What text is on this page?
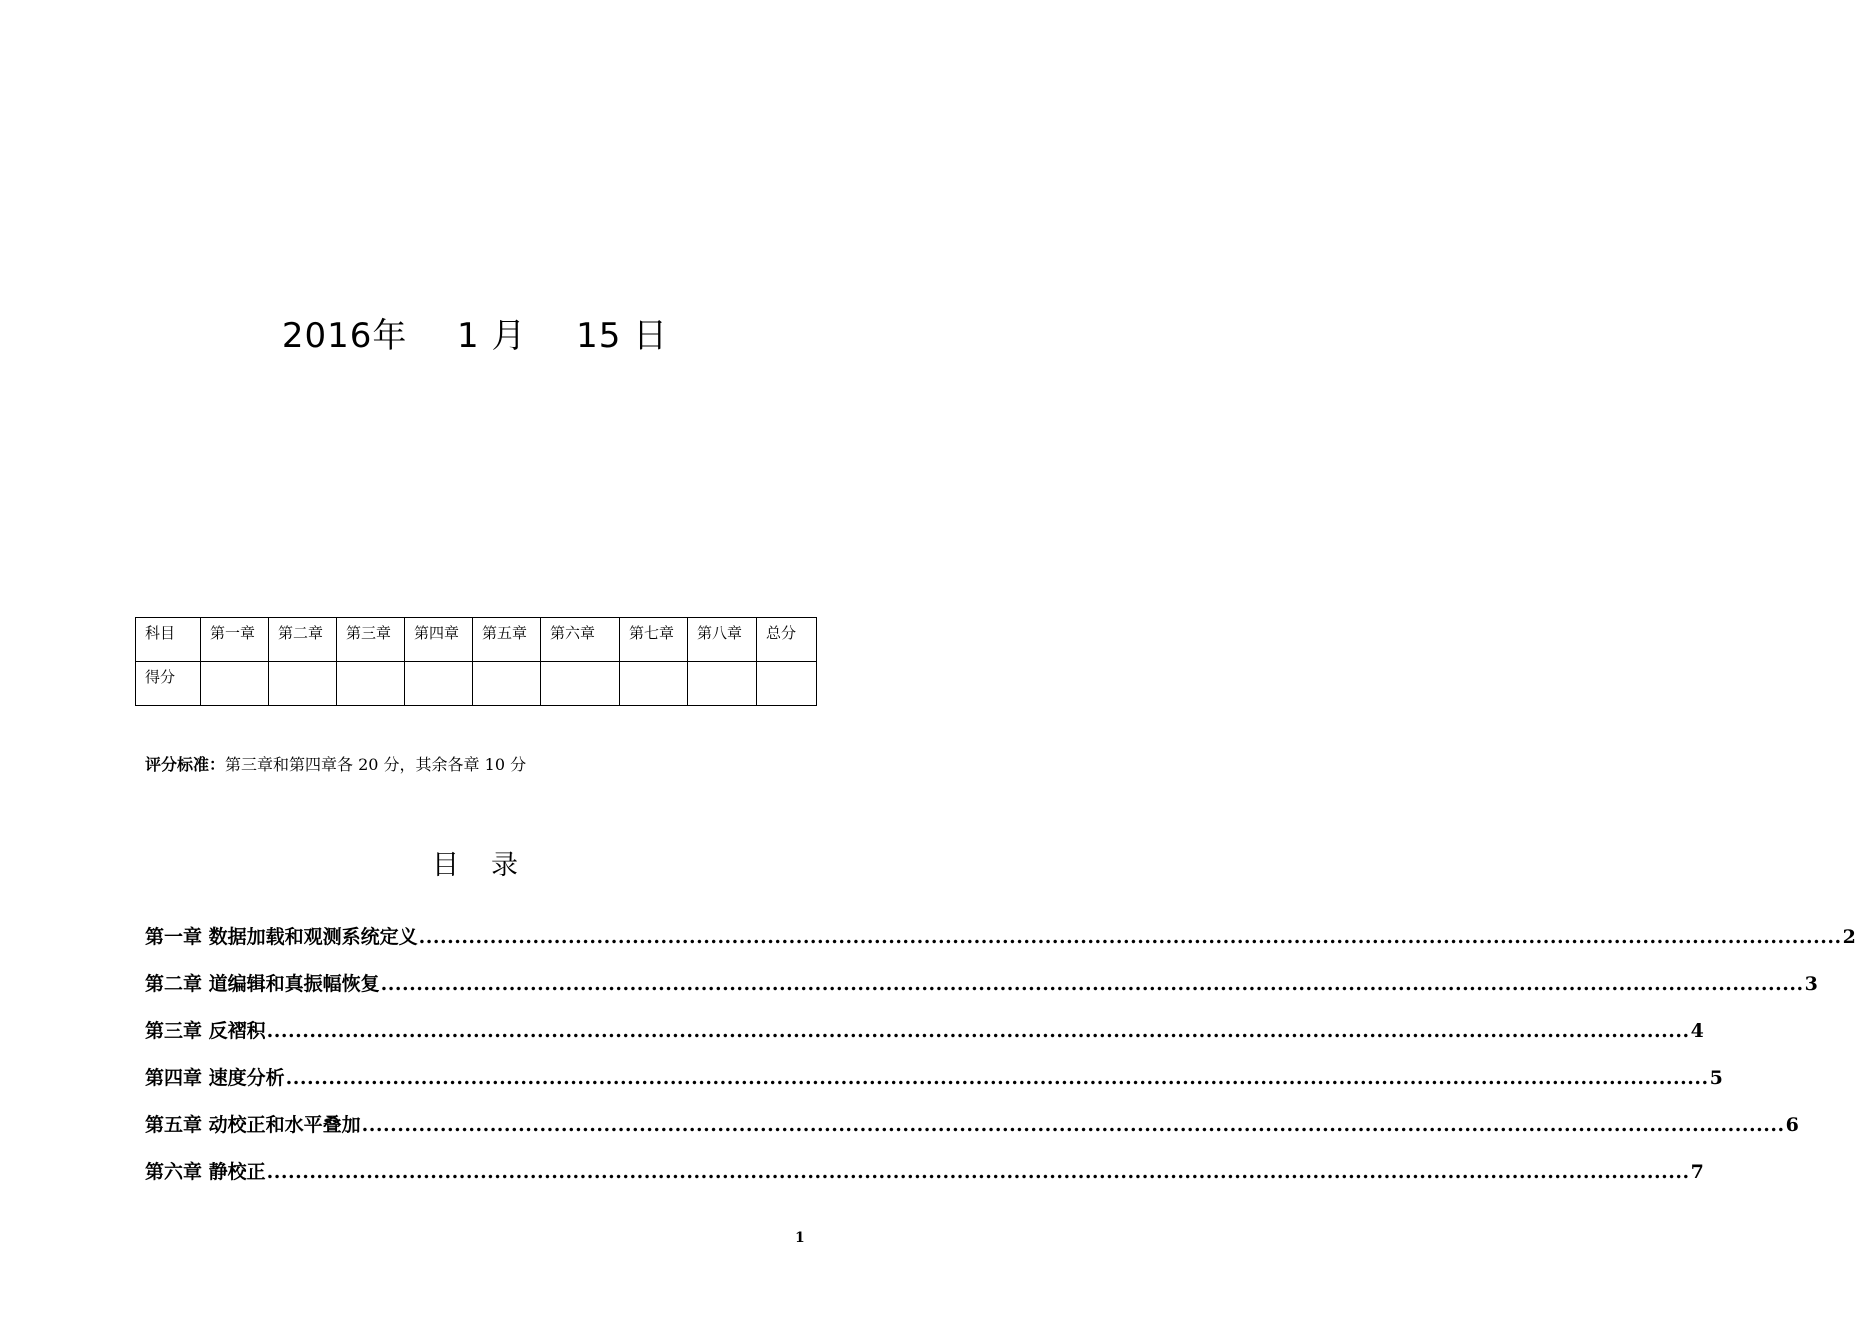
2016年 1 月 15 日
科目	第一章	第二章	第三章	第四章	第五章	第六章	第七章	第八章	总分
得分									
评分标准：第三章和第四章各 20 分，其余各章 10 分
目录
第一章 数据加载和观测系统定义 ........................................................................................................................................................................................................ 2
第二章 道编辑和真振幅恢复 ........................................................................................................................................................................................................ 3
第三章 反褶积 ........................................................................................................................................................................................................ 4
第四章 速度分析 ........................................................................................................................................................................................................ 5
第五章 动校正和水平叠加 ........................................................................................................................................................................................................ 6
第六章 静校正 ........................................................................................................................................................................................................ 7
1
